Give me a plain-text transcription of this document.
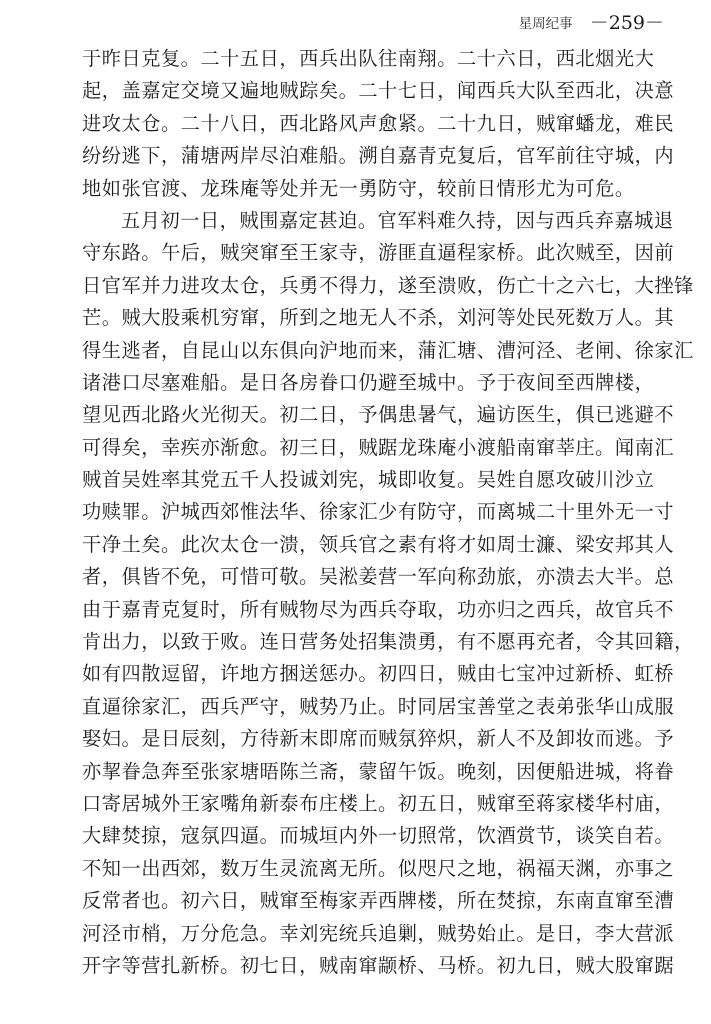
星周纪事 －259－
于昨日克复。二十五日，西兵出队往南翔。二十六日，西北烟光大
起，盖嘉定交境又遍地贼踪矣。二十七日，闻西兵大队至西北，决意
进攻太仓。二十八日，西北路风声愈紧。二十九日，贼窜蟠龙，难民
纷纷逃下，蒲塘两岸尽泊难船。溯自嘉青克复后，官军前往守城，内
地如张官渡、龙珠庵等处并无一勇防守，较前日情形尤为可危。
五月初一日，贼围嘉定甚迫。官军料难久持，因与西兵弃嘉城退
守东路。午后，贼突窜至王家寺，游匪直逼程家桥。此次贼至，因前
日官军并力进攻太仓，兵勇不得力，遂至溃败，伤亡十之六七，大挫锋
芒。贼大股乘机穷窜，所到之地无人不杀，刘河等处民死数万人。其
得生逃者，自昆山以东俱向沪地而来，蒲汇塘、漕河泾、老闸、徐家汇
诸港口尽塞难船。是日各房眷口仍避至城中。予于夜间至西牌楼，
望见西北路火光彻天。初二日，予偶患暑气，遍访医生，俱已逃避不
可得矣，幸疾亦渐愈。初三日，贼踞龙珠庵小渡船南窜莘庄。闻南汇
贼首吴姓率其党五千人投诚刘宪，城即收复。吴姓自愿攻破川沙立
功赎罪。沪城西郊惟法华、徐家汇少有防守，而离城二十里外无一寸
干净土矣。此次太仓一溃，领兵官之素有将才如周士濂、梁安邦其人
者，俱皆不免，可惜可敬。吴淞姜营一军向称劲旅，亦溃去大半。总
由于嘉青克复时，所有贼物尽为西兵夺取，功亦归之西兵，故官兵不
肯出力，以致于败。连日营务处招集溃勇，有不愿再充者，令其回籍，
如有四散逗留，许地方捆送惩办。初四日，贼由七宝冲过新桥、虹桥
直逼徐家汇，西兵严守，贼势乃止。时同居宝善堂之表弟张华山成服
娶妇。是日辰刻，方待新末即席而贼氛猝炽，新人不及卸妆而逃。予
亦挈眷急奔至张家塘晤陈兰斋，蒙留午饭。晚刻，因便船进城，将眷
口寄居城外王家嘴角新泰布庄楼上。初五日，贼窜至蒋家楼华村庙，
大肆焚掠，寇氛四逼。而城垣内外一切照常，饮酒赏节，谈笑自若。
不知一出西郊，数万生灵流离无所。似咫尺之地，祸福天渊，亦事之
反常者也。初六日，贼窜至梅家弄西牌楼，所在焚掠，东南直窜至漕
河泾市梢，万分危急。幸刘宪统兵追剿，贼势始止。是日，李大营派
开字等营扎新桥。初七日，贼南窜颛桥、马桥。初九日，贼大股窜踞
